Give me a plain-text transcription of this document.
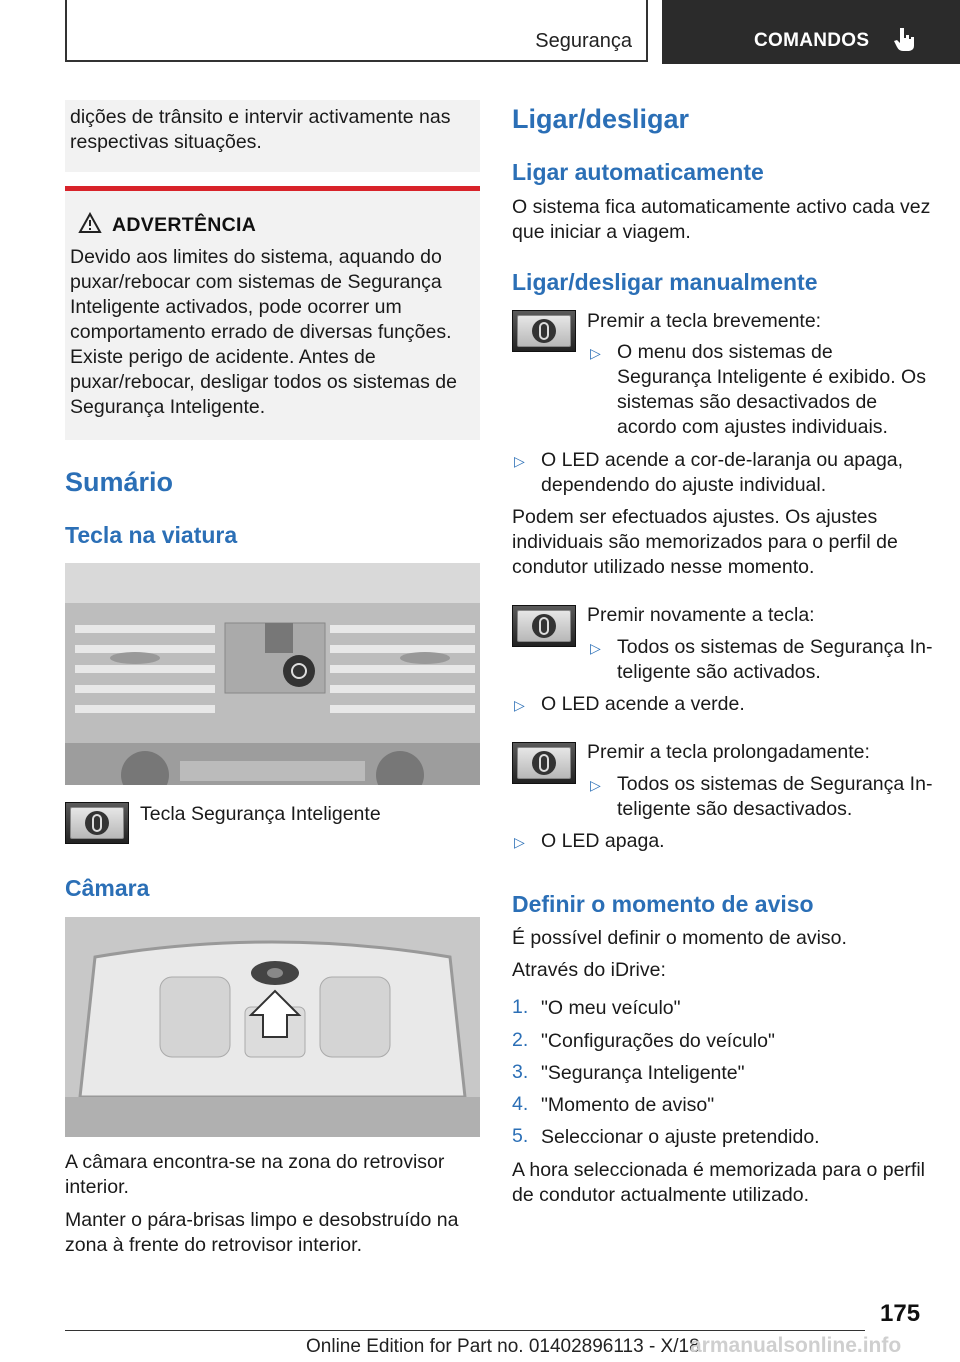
Segurança	COMANDOS
dições de trânsito e intervir activamente nas respectivas situações.
ADVERTÊNCIA
Devido aos limites do sistema, aquando do puxar/rebocar com sistemas de Segurança Inteligente activados, pode ocorrer um comportamento errado de diversas funções. Existe perigo de acidente. Antes de puxar/rebocar, desligar todos os sistemas de Segurança Inteligente.
Sumário
Tecla na viatura
Tecla Segurança Inteligente
Câmara
A câmara encontra-se na zona do retrovisor interior.
Manter o pára-brisas limpo e desobstruído na zona à frente do retrovisor interior.
Ligar/desligar
Ligar automaticamente
O sistema fica automaticamente activo cada vez que iniciar a viagem.
Ligar/desligar manualmente
Premir a tecla brevemente:
▷ O menu dos sistemas de Segurança Inteligente é exibido. Os sistemas são desactivados de acordo com ajustes individuais.
▷ O LED acende a cor-de-laranja ou apaga, dependendo do ajuste individual.
Podem ser efectuados ajustes. Os ajustes individuais são memorizados para o perfil de condutor utilizado nesse momento.
Premir novamente a tecla:
▷ Todos os sistemas de Segurança Inteligente são activados.
▷ O LED acende a verde.
Premir a tecla prolongadamente:
▷ Todos os sistemas de Segurança Inteligente são desactivados.
▷ O LED apaga.
Definir o momento de aviso
É possível definir o momento de aviso.
Através do iDrive:
1. "O meu veículo"
2. "Configurações do veículo"
3. "Segurança Inteligente"
4. "Momento de aviso"
5. Seleccionar o ajuste pretendido.
A hora seleccionada é memorizada para o perfil de condutor actualmente utilizado.
175
Online Edition for Part no. 01402896113 - X/18
armanualsonline.info
